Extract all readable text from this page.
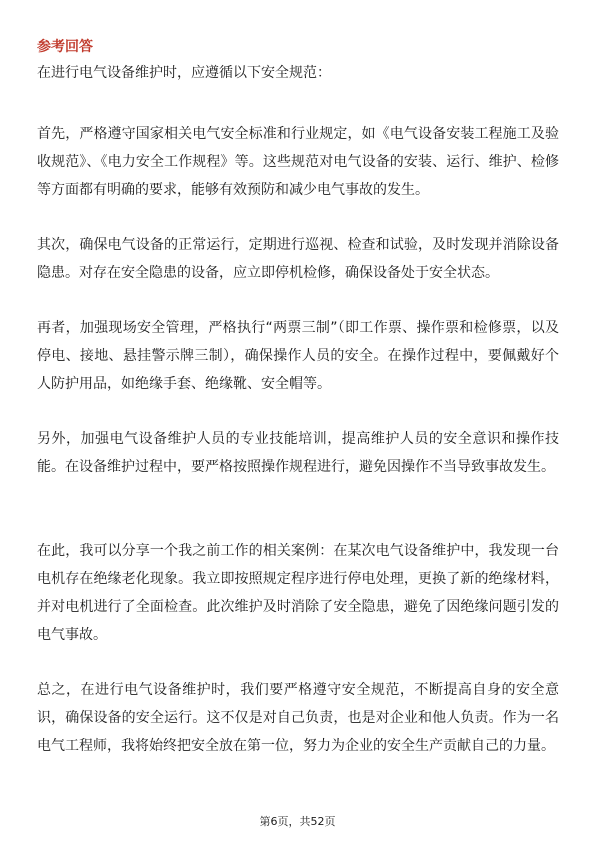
参考回答

在进行电气设备维护时，应遵循以下安全规范：

首先，严格遵守国家相关电气安全标准和行业规定，如《电气设备安装工程施工及验收规范》、《电力安全工作规程》等。这些规范对电气设备的安装、运行、维护、检修等方面都有明确的要求，能够有效预防和减少电气事故的发生。

其次，确保电气设备的正常运行，定期进行巡视、检查和试验，及时发现并消除设备隐患。对存在安全隐患的设备，应立即停机检修，确保设备处于安全状态。

再者，加强现场安全管理，严格执行“两票三制”（即工作票、操作票和检修票，以及停电、接地、悬挂警示牌三制），确保操作人员的安全。在操作过程中，要佩戴好个人防护用品，如绝缘手套、绝缘靴、安全帽等。

另外，加强电气设备维护人员的专业技能培训，提高维护人员的安全意识和操作技能。在设备维护过程中，要严格按照操作规程进行，避免因操作不当导致事故发生。

在此，我可以分享一个我之前工作的相关案例：在某次电气设备维护中，我发现一台电机存在绝缘老化现象。我立即按照规定程序进行停电处理，更换了新的绝缘材料，并对电机进行了全面检查。此次维护及时消除了安全隐患，避免了因绝缘问题引发的电气事故。

总之，在进行电气设备维护时，我们要严格遵守安全规范，不断提高自身的安全意识，确保设备的安全运行。这不仅是对自己负责，也是对企业和他人负责。作为一名电气工程师，我将始终把安全放在第一位，努力为企业的安全生产贡献自己的力量。

第6页，共52页
